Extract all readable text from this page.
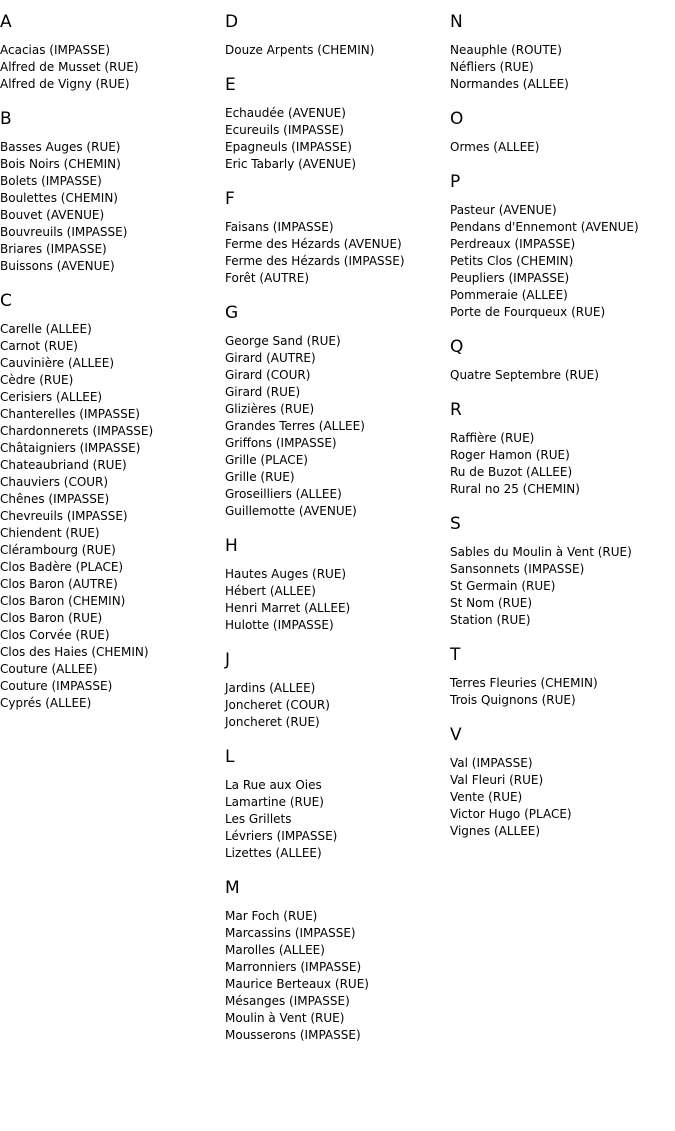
A
Acacias (IMPASSE)
Alfred de Musset (RUE)
Alfred de Vigny (RUE)
B
Basses Auges (RUE)
Bois Noirs (CHEMIN)
Bolets (IMPASSE)
Boulettes (CHEMIN)
Bouvet (AVENUE)
Bouvreuils (IMPASSE)
Briares (IMPASSE)
Buissons (AVENUE)
C
Carelle (ALLEE)
Carnot (RUE)
Cauvinière (ALLEE)
Cèdre (RUE)
Cerisiers (ALLEE)
Chanterelles (IMPASSE)
Chardonnerets (IMPASSE)
Châtaigniers (IMPASSE)
Chateaubriand (RUE)
Chauviers (COUR)
Chênes (IMPASSE)
Chevreuils (IMPASSE)
Chiendent (RUE)
Clérambourg (RUE)
Clos Badère (PLACE)
Clos Baron (AUTRE)
Clos Baron (CHEMIN)
Clos Baron (RUE)
Clos Corvée (RUE)
Clos des Haies (CHEMIN)
Couture (ALLEE)
Couture (IMPASSE)
Cyprés (ALLEE)
D
Douze Arpents (CHEMIN)
E
Echaudée (AVENUE)
Ecureuils (IMPASSE)
Epagneuls (IMPASSE)
Eric Tabarly (AVENUE)
F
Faisans (IMPASSE)
Ferme des Hézards (AVENUE)
Ferme des Hézards (IMPASSE)
Forêt (AUTRE)
G
George Sand (RUE)
Girard (AUTRE)
Girard (COUR)
Girard (RUE)
Glizières (RUE)
Grandes Terres (ALLEE)
Griffons (IMPASSE)
Grille (PLACE)
Grille (RUE)
Groseilliers (ALLEE)
Guillemotte (AVENUE)
H
Hautes Auges (RUE)
Hébert (ALLEE)
Henri Marret (ALLEE)
Hulotte (IMPASSE)
J
Jardins (ALLEE)
Joncheret (COUR)
Joncheret (RUE)
L
La Rue aux Oies
Lamartine (RUE)
Les Grillets
Lévriers (IMPASSE)
Lizettes (ALLEE)
M
Mar Foch (RUE)
Marcassins (IMPASSE)
Marolles (ALLEE)
Marronniers (IMPASSE)
Maurice Berteaux (RUE)
Mésanges (IMPASSE)
Moulin à Vent (RUE)
Mousserons (IMPASSE)
N
Neauphle (ROUTE)
Néfliers (RUE)
Normandes (ALLEE)
O
Ormes (ALLEE)
P
Pasteur (AVENUE)
Pendans d'Ennemont (AVENUE)
Perdreaux (IMPASSE)
Petits Clos (CHEMIN)
Peupliers (IMPASSE)
Pommeraie (ALLEE)
Porte de Fourqueux (RUE)
Q
Quatre Septembre (RUE)
R
Raffière (RUE)
Roger Hamon (RUE)
Ru de Buzot (ALLEE)
Rural no 25 (CHEMIN)
S
Sables du Moulin à Vent (RUE)
Sansonnets (IMPASSE)
St Germain (RUE)
St Nom (RUE)
Station (RUE)
T
Terres Fleuries (CHEMIN)
Trois Quignons (RUE)
V
Val (IMPASSE)
Val Fleuri (RUE)
Vente (RUE)
Victor Hugo (PLACE)
Vignes (ALLEE)
